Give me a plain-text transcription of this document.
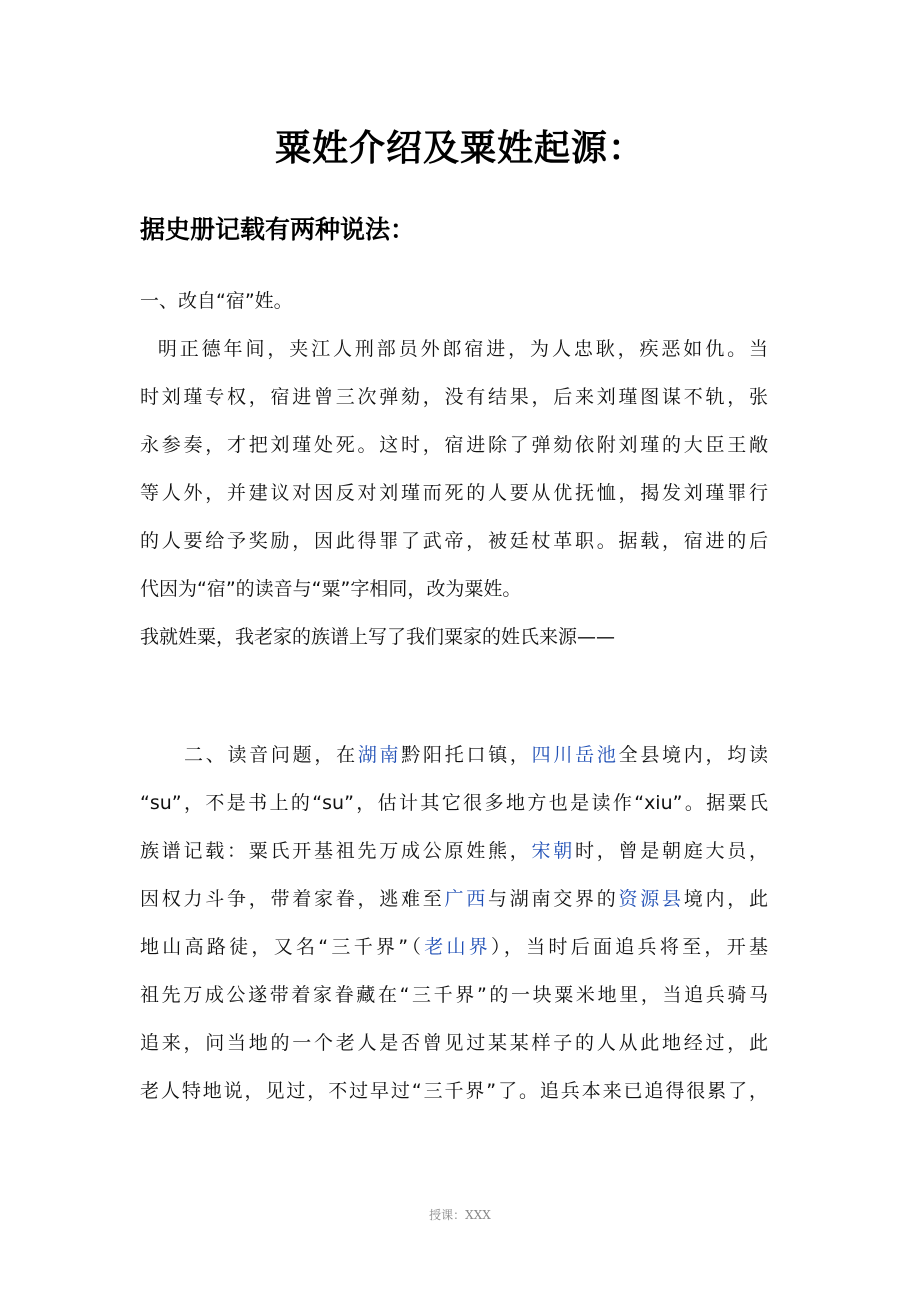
粟姓介绍及粟姓起源：
据史册记载有两种说法：
一、改自“宿”姓。
明正德年间，夹江人刑部员外郎宿进，为人忠耿，疾恶如仇。当
时刘瑾专权，宿进曾三次弹劾，没有结果，后来刘瑾图谋不轨，张
永参奏，才把刘瑾处死。这时，宿进除了弹劾依附刘瑾的大臣王敞
等人外，并建议对因反对刘瑾而死的人要从优抚恤，揭发刘瑾罪行
的人要给予奖励，因此得罪了武帝，被廷杖革职。据载，宿进的后
代因为“宿”的读音与“粟”字相同，改为粟姓。
我就姓粟，我老家的族谱上写了我们粟家的姓氏来源——
二、读音问题，在湖南黔阳托口镇，四川岳池全县境内，均读
“su”，不是书上的“su”，估计其它很多地方也是读作“xiu”。据粟氏
族谱记载：粟氏开基祖先万成公原姓熊，宋朝时，曾是朝庭大员，
因权力斗争，带着家眷，逃难至广西与湖南交界的资源县境内，此
地山高路徒，又名“三千界”（老山界），当时后面追兵将至，开基
祖先万成公遂带着家眷藏在“三千界”的一块粟米地里，当追兵骑马
追来，问当地的一个老人是否曾见过某某样子的人从此地经过，此
老人特地说，见过，不过早过“三千界”了。追兵本来已追得很累了，
授课：XXX
